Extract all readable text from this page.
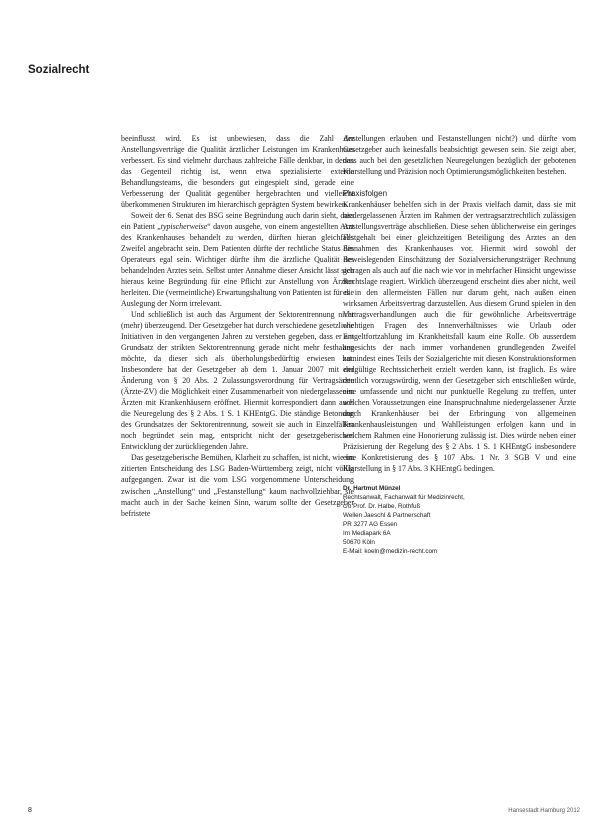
Sozialrecht

beeinflusst wird. Es ist unbewiesen, dass die Zahl der Anstellungsverträge die Qualität ärztlicher Leistungen im Krankenhaus verbessert. Es sind vielmehr durchaus zahlreiche Fälle denkbar, in denen das Gegenteil richtig ist, wenn etwa spezialisierte externe Behandlungsteams, die besonders gut eingespielt sind, gerade eine Verbesserung der Qualität gegenüber hergebrachten und vielleicht überkommenen Strukturen im hierarchisch geprägten System bewirken.

Soweit der 6. Senat des BSG seine Begründung auch darin sieht, dass ein Patient „typischerweise“ davon ausgehe, von einem angestellten Arzt des Krankenhauses behandelt zu werden, dürften hieran gleichfalls Zweifel angebracht sein. Dem Patienten dürfte der rechtliche Status des Operateurs egal sein. Wichtiger dürfte ihm die ärztliche Qualität des behandelnden Arztes sein. Selbst unter Annahme dieser Ansicht lässt sich hieraus keine Begründung für eine Pflicht zur Anstellung von Ärzten herleiten. Die (vermeintliche) Erwartungshaltung von Patienten ist für die Auslegung der Norm irrelevant.

Und schließlich ist auch das Argument der Sektorentrennung nicht (mehr) überzeugend. Der Gesetzgeber hat durch verschiedene gesetzliche Initiativen in den vergangenen Jahren zu verstehen gegeben, dass er am Grundsatz der strikten Sektorentrennung gerade nicht mehr festhalten möchte, da dieser sich als überholungsbedürftig erwiesen hat. Insbesondere hat der Gesetzgeber ab dem 1. Januar 2007 mit der Änderung von § 20 Abs. 2 Zulassungsverordnung für Vertragsärzte (Ärzte-ZV) die Möglichkeit einer Zusammenarbeit von niedergelassenen Ärzten mit Krankenhäusern eröffnet. Hiermit korrespondiert dann auch die Neuregelung des § 2 Abs. 1 S. 1 KHEntgG. Die ständige Betonung des Grundsatzes der Sektorentrennung, soweit sie auch in Einzelfällen noch begründet sein mag, entspricht nicht der gesetzgeberischen Entwicklung der zurückliegenden Jahre.

Das gesetzgeberische Bemühen, Klarheit zu schaffen, ist nicht, wie im zitierten Entscheidung des LSG Baden-Württemberg zeigt, nicht völlig aufgegangen. Zwar ist die vom LSG vorgenommene Unterscheidung zwischen „Anstellung“ und „Festanstellung“ kaum nachvollziehbar, sie macht auch in der Sache keinen Sinn, warum sollte der Gesetzgeber befristete

Anstellungen erlauben und Festanstellungen nicht?) und dürfte vom Gesetzgeber auch keinesfalls beabsichtigt gewesen sein. Sie zeigt aber, dass auch bei den gesetzlichen Neuregelungen bezüglich der gebotenen Klarstellung und Präzision noch Optimierungsmöglichkeiten bestehen.

Praxisfolgen

Krankenhäuser behelfen sich in der Praxis vielfach damit, dass sie mit niedergelassenen Ärzten im Rahmen der vertragsarztrechtlich zulässigen Anstellungsverträge abschließen. Diese sehen üblicherweise ein geringes Festgehalt bei einer gleichzeitigen Beteiligung des Arztes an den Einnahmen des Krankenhauses vor. Hiermit wird sowohl der Beweislegenden Einschätzung der Sozialversicherungsträger Rechnung getragen als auch auf die nach wie vor in mehrfacher Hinsicht ungewisse Rechtslage reagiert. Wirklich überzeugend erscheint dies aber nicht, weil es in den allermeisten Fällen nur darum geht, nach außen einen wirksamen Arbeitsvertrag darzustellen. Aus diesem Grund spielen in den Vertragsverhandlungen auch die für gewöhnliche Arbeitsverträge wichtigen Fragen des Innenverhältnisses wie Urlaub oder Entgeltfortzahlung im Krankheitsfall kaum eine Rolle. Ob ausserdem angesichts der nach immer vorhandenen grundlegenden Zweifel zumindest eines Teils der Sozialgerichte mit diesen Konstruktionsformen endgültige Rechtssicherheit erzielt werden kann, ist fraglich. Es wäre deutlich vorzugswürdig, wenn der Gesetzgeber sich entschließen würde, eine umfassende und nicht nur punktuelle Regelung zu treffen, unter welchen Voraussetzungen eine Inanspruchnahme niedergelassener Ärzte durch Krankenhäuser bei der Erbringung von allgemeinen Krankenhausleistungen und Wahlleistungen erfolgen kann und in welchem Rahmen eine Honorierung zulässig ist. Dies würde neben einer Präzisierung der Regelung des § 2 Abs. 1 S. 1 KHEntgG insbesondere eine Konkretisierung des § 107 Abs. 1 Nr. 3 SGB V und eine Klarstellung in § 17 Abs. 3 KHEntgG bedingen.

Dr. Hartmut Münzel
Rechtsanwalt, Fachanwalt für Medizinrecht,
c/o Prof. Dr. Halbe, Rothfuß
Wellen Jaeschl & Partnerschaft
PR 3277 AG Essen
Im Mediapark 6A
50670 Köln
E-Mail: koeln@medizin-recht.com
8	Hansestadt Hamburg 2012
